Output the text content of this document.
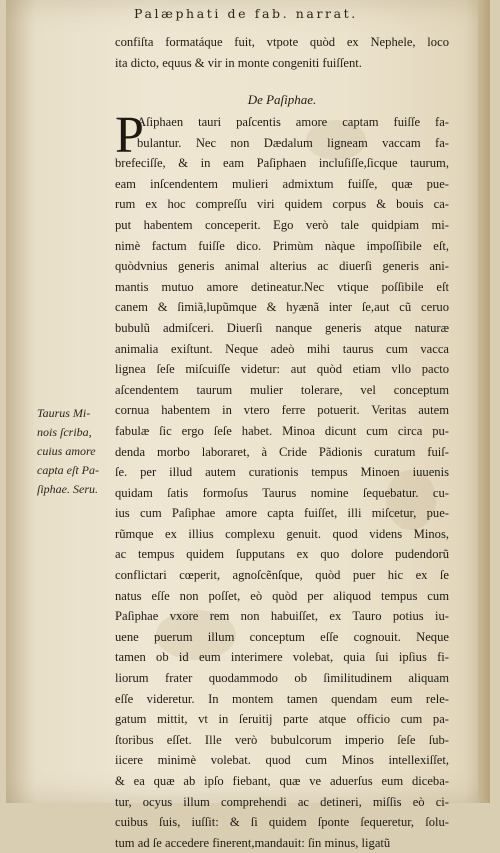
Palæphati de fab. narrat.
confiſta formatáque fuit, vtpote quòd ex Nephele, loco
ita dicto, equus & vir in monte congeniti fuiſſent.
De Paſiphae.
P
Aſiphaen tauri paſcentis amore captam fuiſſe fa-
bulantur. Nec non Dædalum ligneam vaccam fa-
brefeciſſe, & in eam Paſiphaen incluſiſſe,ſicque taurum,
eam inſcendentem mulieri admixtum fuiſſe, quæ pue-
rum ex hoc compreſſu viri quidem corpus & bouis ca-
put habentem conceperit. Ego verò tale quidpiam mi-
nimè factum fuiſſe dico. Primùm nàque impoſſibile eſt,
quòdvnius generis animal alterius ac diuerſi generis ani-
mantis mutuo amore detineatur.Nec vtique poſſibile eſt
canem & ſimiã,lupũmque & hyænã inter ſe,aut cũ ceruo
bubulũ admiſceri. Diuerſi nanque generis atque naturæ
animalia exiſtunt. Neque adeò mihi taurus cum vacca
lignea ſeſe miſcuiſſe videtur: aut quòd etiam vllo pacto
aſcendentem taurum mulier tolerare, vel conceptum
cornua habentem in vtero ferre potuerit. Veritas autem
fabulæ ſic ergo ſeſe habet. Minoa dicunt cum circa pu-
denda morbo laboraret, à Cride Pãdionis curatum fuiſ-
ſe. per illud autem curationis tempus Minoen iuuenis
quidam ſatis formoſus Taurus nomine ſequebatur. cu-
ius cum Paſiphae amore capta fuiſſet, illi miſcetur, pue-
rũmque ex illius complexu genuit. quod videns Minos,
ac tempus quidem ſupputans ex quo dolore pudendorũ
conflictari cœperit, agnoſcẽnſque, quòd puer hic ex ſe
natus eſſe non poſſet, eò quòd per aliquod tempus cum
Paſiphae vxore rem non habuiſſet, ex Tauro potius iu-
uene puerum illum conceptum eſſe cognouit. Neque
tamen ob id eum interimere volebat, quia ſui ipſius fi-
liorum frater quodammodo ob ſimilitudinem aliquam
eſſe videretur. In montem tamen quendam eum rele-
gatum mittit, vt in ſeruitij parte atque officio cum pa-
ſtoribus eſſet. Ille verò bubulcorum imperio ſeſe ſub-
iicere minimè volebat. quod cum Minos intellexiſſet,
& ea quæ ab ipſo fiebant, quæ ve aduerſus eum diceba-
tur, ocyus illum comprehendi ac detineri, miſſis eò ci-
cuibus ſuis, iuſſit: & ſi quidem ſponte ſequeretur, ſolu-
tum ad ſe accedere finerent,mandauit: ſin minus, ligatũ
Taurus Mi-
nois ſcriba,
cuius amore
capta eſt Pa-
ſiphae. Seru.
